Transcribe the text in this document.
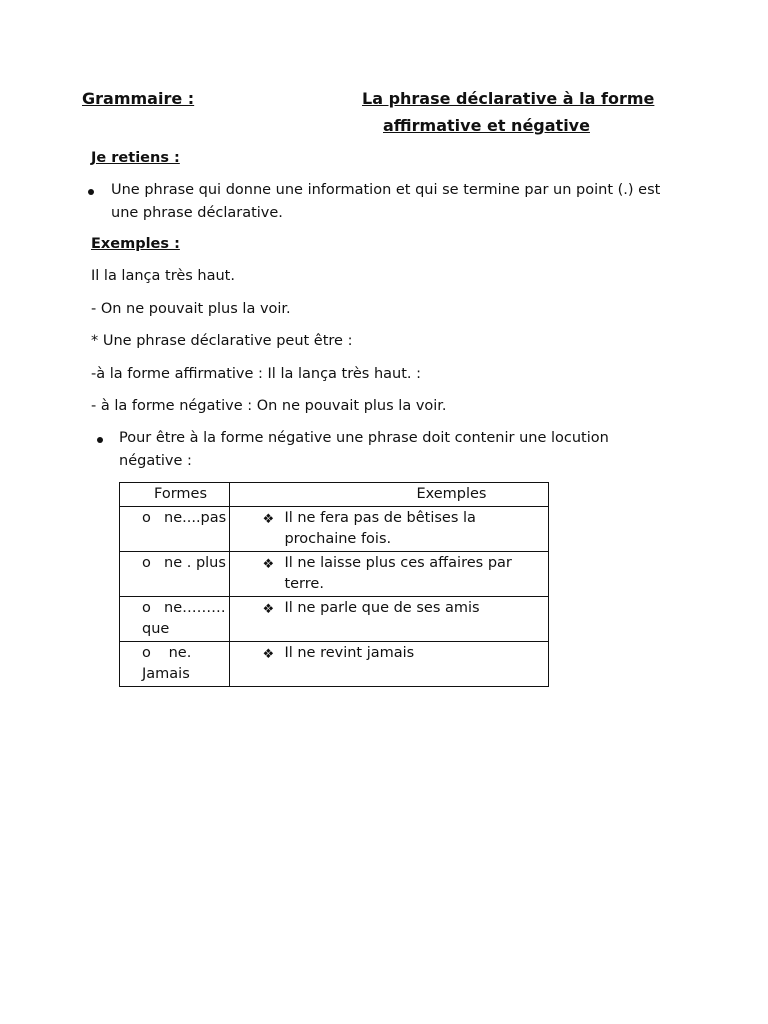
Grammaire :	La phrase déclarative à la forme
affirmative et négative
Je retiens :
Une phrase qui donne une information et qui se termine par un point (.) est
une phrase déclarative.
Exemples :
Il la lança très haut.
- On ne pouvait plus la voir.
* Une phrase déclarative peut être :
-à la forme affirmative : Il la lança très haut. :
- à la forme négative : On ne pouvait plus la voir.
Pour être à la forme négative une phrase doit contenir une locution
négative :
Formes	Exemples
o ne....pas	❖ Il ne fera pas de bêtises la prochaine fois.

o ne . plus	❖ Il ne laisse plus ces affaires par terre.

o ne………que	❖ Il ne parle que de ses amis

o ne. Jamais	❖ Il ne revint jamais
